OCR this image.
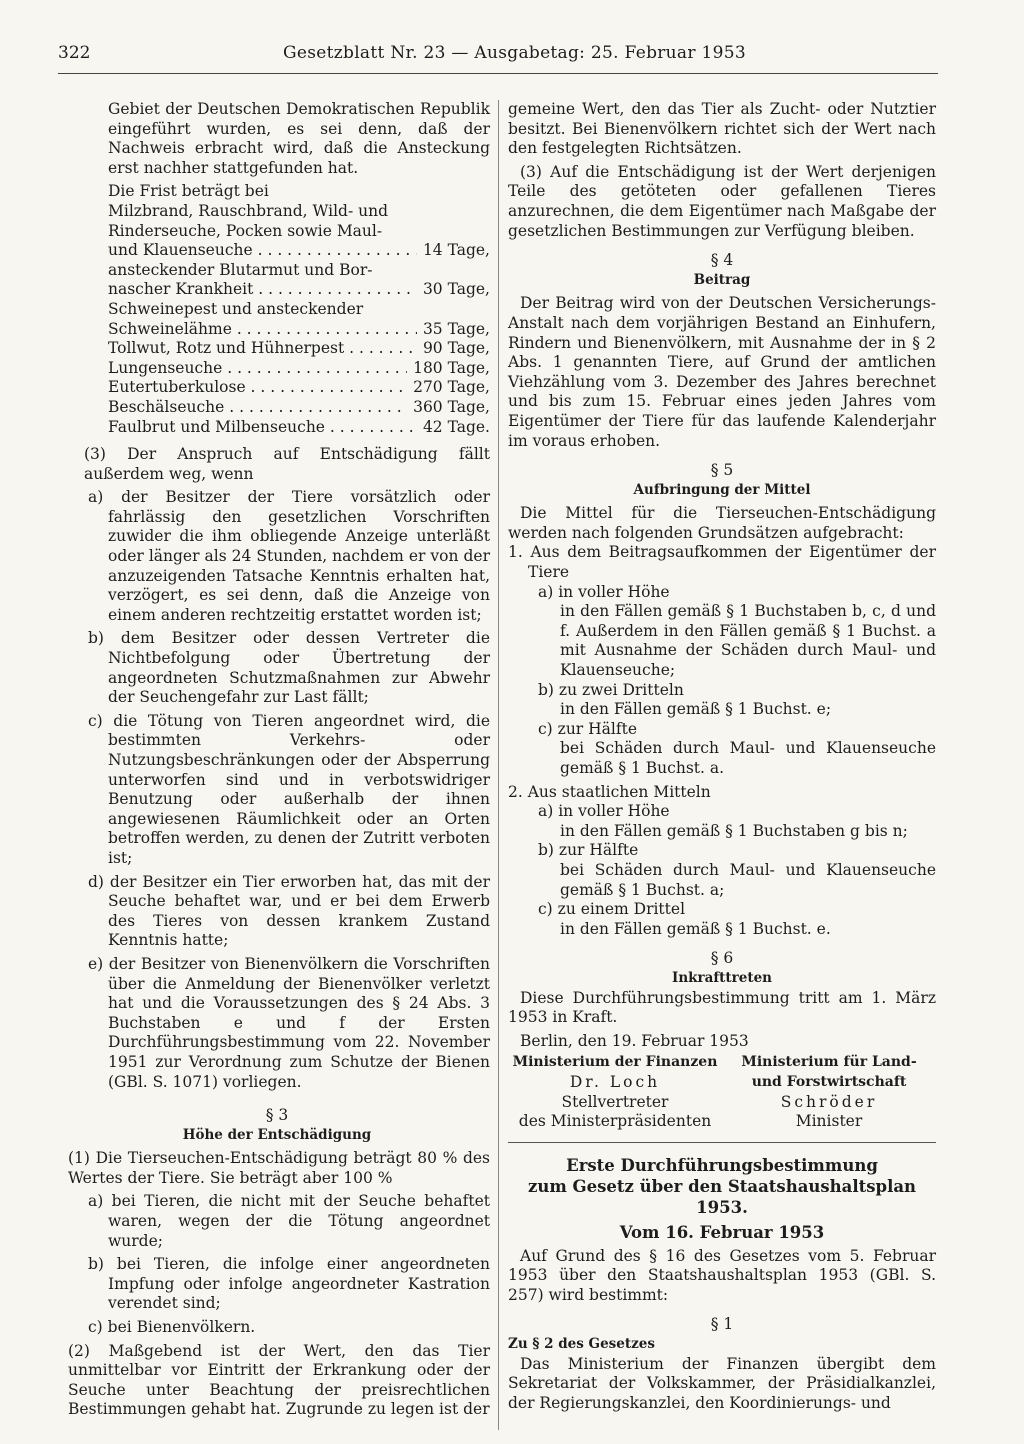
322	Gesetzblatt Nr. 23 — Ausgabetag: 25. Februar 1953

Gebiet der Deutschen Demokratischen Republik eingeführt wurden, es sei denn, daß der Nachweis erbracht wird, daß die Ansteckung erst nachher stattgefunden hat.

Die Frist beträgt bei

Milzbrand, Rauschbrand, Wild- und

Rinderseuche, Pocken sowie Maul-

und Klauenseuche . . .	14 Tage,

ansteckender Blutarmut und Bor-

nascher Krankheit . . .	30 Tage,

Schweinepest und ansteckender

Schweinelähme . . .	35 Tage,
Tollwut, Rotz und Hühnerpest . . .	90 Tage,
Lungenseuche . . .	180 Tage,
Eutertuberkulose . . .	270 Tage,
Beschälseuche . . .	360 Tage,
Faulbrut und Milbenseuche . . .	42 Tage.

(3) Der Anspruch auf Entschädigung fällt außerdem weg, wenn

a) der Besitzer der Tiere vorsätzlich oder fahrlässig den gesetzlichen Vorschriften zuwider die ihm obliegende Anzeige unterläßt oder länger als 24 Stunden, nachdem er von der anzuzeigenden Tatsache Kenntnis erhalten hat, verzögert, es sei denn, daß die Anzeige von einem anderen rechtzeitig erstattet worden ist;

b) dem Besitzer oder dessen Vertreter die Nichtbefolgung oder Übertretung der angeordneten Schutzmaßnahmen zur Abwehr der Seuchengefahr zur Last fällt;

c) die Tötung von Tieren angeordnet wird, die bestimmten Verkehrs- oder Nutzungsbeschränkungen oder der Absperrung unterworfen sind und in verbotswidriger Benutzung oder außerhalb der ihnen angewiesenen Räumlichkeit oder an Orten betroffen werden, zu denen der Zutritt verboten ist;

d) der Besitzer ein Tier erworben hat, das mit der Seuche behaftet war, und er bei dem Erwerb des Tieres von dessen krankem Zustand Kenntnis hatte;

e) der Besitzer von Bienenvölkern die Vorschriften über die Anmeldung der Bienenvölker verletzt hat und die Voraussetzungen des § 24 Abs. 3 Buchstaben e und f der Ersten Durchführungsbestimmung vom 22. November 1951 zur Verordnung zum Schutze der Bienen (GBl. S. 1071) vorliegen.

§ 3

Höhe der Entschädigung

(1) Die Tierseuchen-Entschädigung beträgt 80 % des Wertes der Tiere. Sie beträgt aber 100 %

a) bei Tieren, die nicht mit der Seuche behaftet waren, wegen der die Tötung angeordnet wurde;

b) bei Tieren, die infolge einer angeordneten Impfung oder infolge angeordneter Kastration verendet sind;

c) bei Bienenvölkern.

(2) Maßgebend ist der Wert, den das Tier unmittelbar vor Eintritt der Erkrankung oder der Seuche unter Beachtung der preisrechtlichen Bestimmungen gehabt hat. Zugrunde zu legen ist der

gemeine Wert, den das Tier als Zucht- oder Nutztier besitzt. Bei Bienenvölkern richtet sich der Wert nach den festgelegten Richtsätzen.

(3) Auf die Entschädigung ist der Wert derjenigen Teile des getöteten oder gefallenen Tieres anzurechnen, die dem Eigentümer nach Maßgabe der gesetzlichen Bestimmungen zur Verfügung bleiben.

§ 4

Beitrag

Der Beitrag wird von der Deutschen Versicherungs-Anstalt nach dem vorjährigen Bestand an Einhufern, Rindern und Bienenvölkern, mit Ausnahme der in § 2 Abs. 1 genannten Tiere, auf Grund der amtlichen Viehzählung vom 3. Dezember des Jahres berechnet und bis zum 15. Februar eines jeden Jahres vom Eigentümer der Tiere für das laufende Kalenderjahr im voraus erhoben.

§ 5

Aufbringung der Mittel

Die Mittel für die Tierseuchen-Entschädigung werden nach folgenden Grundsätzen aufgebracht:

1. Aus dem Beitragsaufkommen der Eigentümer der Tiere

a) in voller Höhe

in den Fällen gemäß § 1 Buchstaben b, c, d und f. Außerdem in den Fällen gemäß § 1 Buchst. a mit Ausnahme der Schäden durch Maul- und Klauenseuche;

b) zu zwei Dritteln

in den Fällen gemäß § 1 Buchst. e;

c) zur Hälfte

bei Schäden durch Maul- und Klauenseuche gemäß § 1 Buchst. a.

2. Aus staatlichen Mitteln

a) in voller Höhe

in den Fällen gemäß § 1 Buchstaben g bis n;

b) zur Hälfte

bei Schäden durch Maul- und Klauenseuche gemäß § 1 Buchst. a;

c) zu einem Drittel

in den Fällen gemäß § 1 Buchst. e.

§ 6

Inkrafttreten

Diese Durchführungsbestimmung tritt am 1. März 1953 in Kraft.

Berlin, den 19. Februar 1953

Ministerium der Finanzen
Dr. Loch
Stellvertreter
des Ministerpräsidenten
Ministerium für Land-
und Forstwirtschaft
Schröder
Minister

Erste Durchführungsbestimmung

zum Gesetz über den Staatshaushaltsplan 1953.

Vom 16. Februar 1953

Auf Grund des § 16 des Gesetzes vom 5. Februar 1953 über den Staatshaushaltsplan 1953 (GBl. S. 257) wird bestimmt:

§ 1

Zu § 2 des Gesetzes

Das Ministerium der Finanzen übergibt dem Sekretariat der Volkskammer, der Präsidialkanzlei, der Regierungskanzlei, den Koordinierungs- und
